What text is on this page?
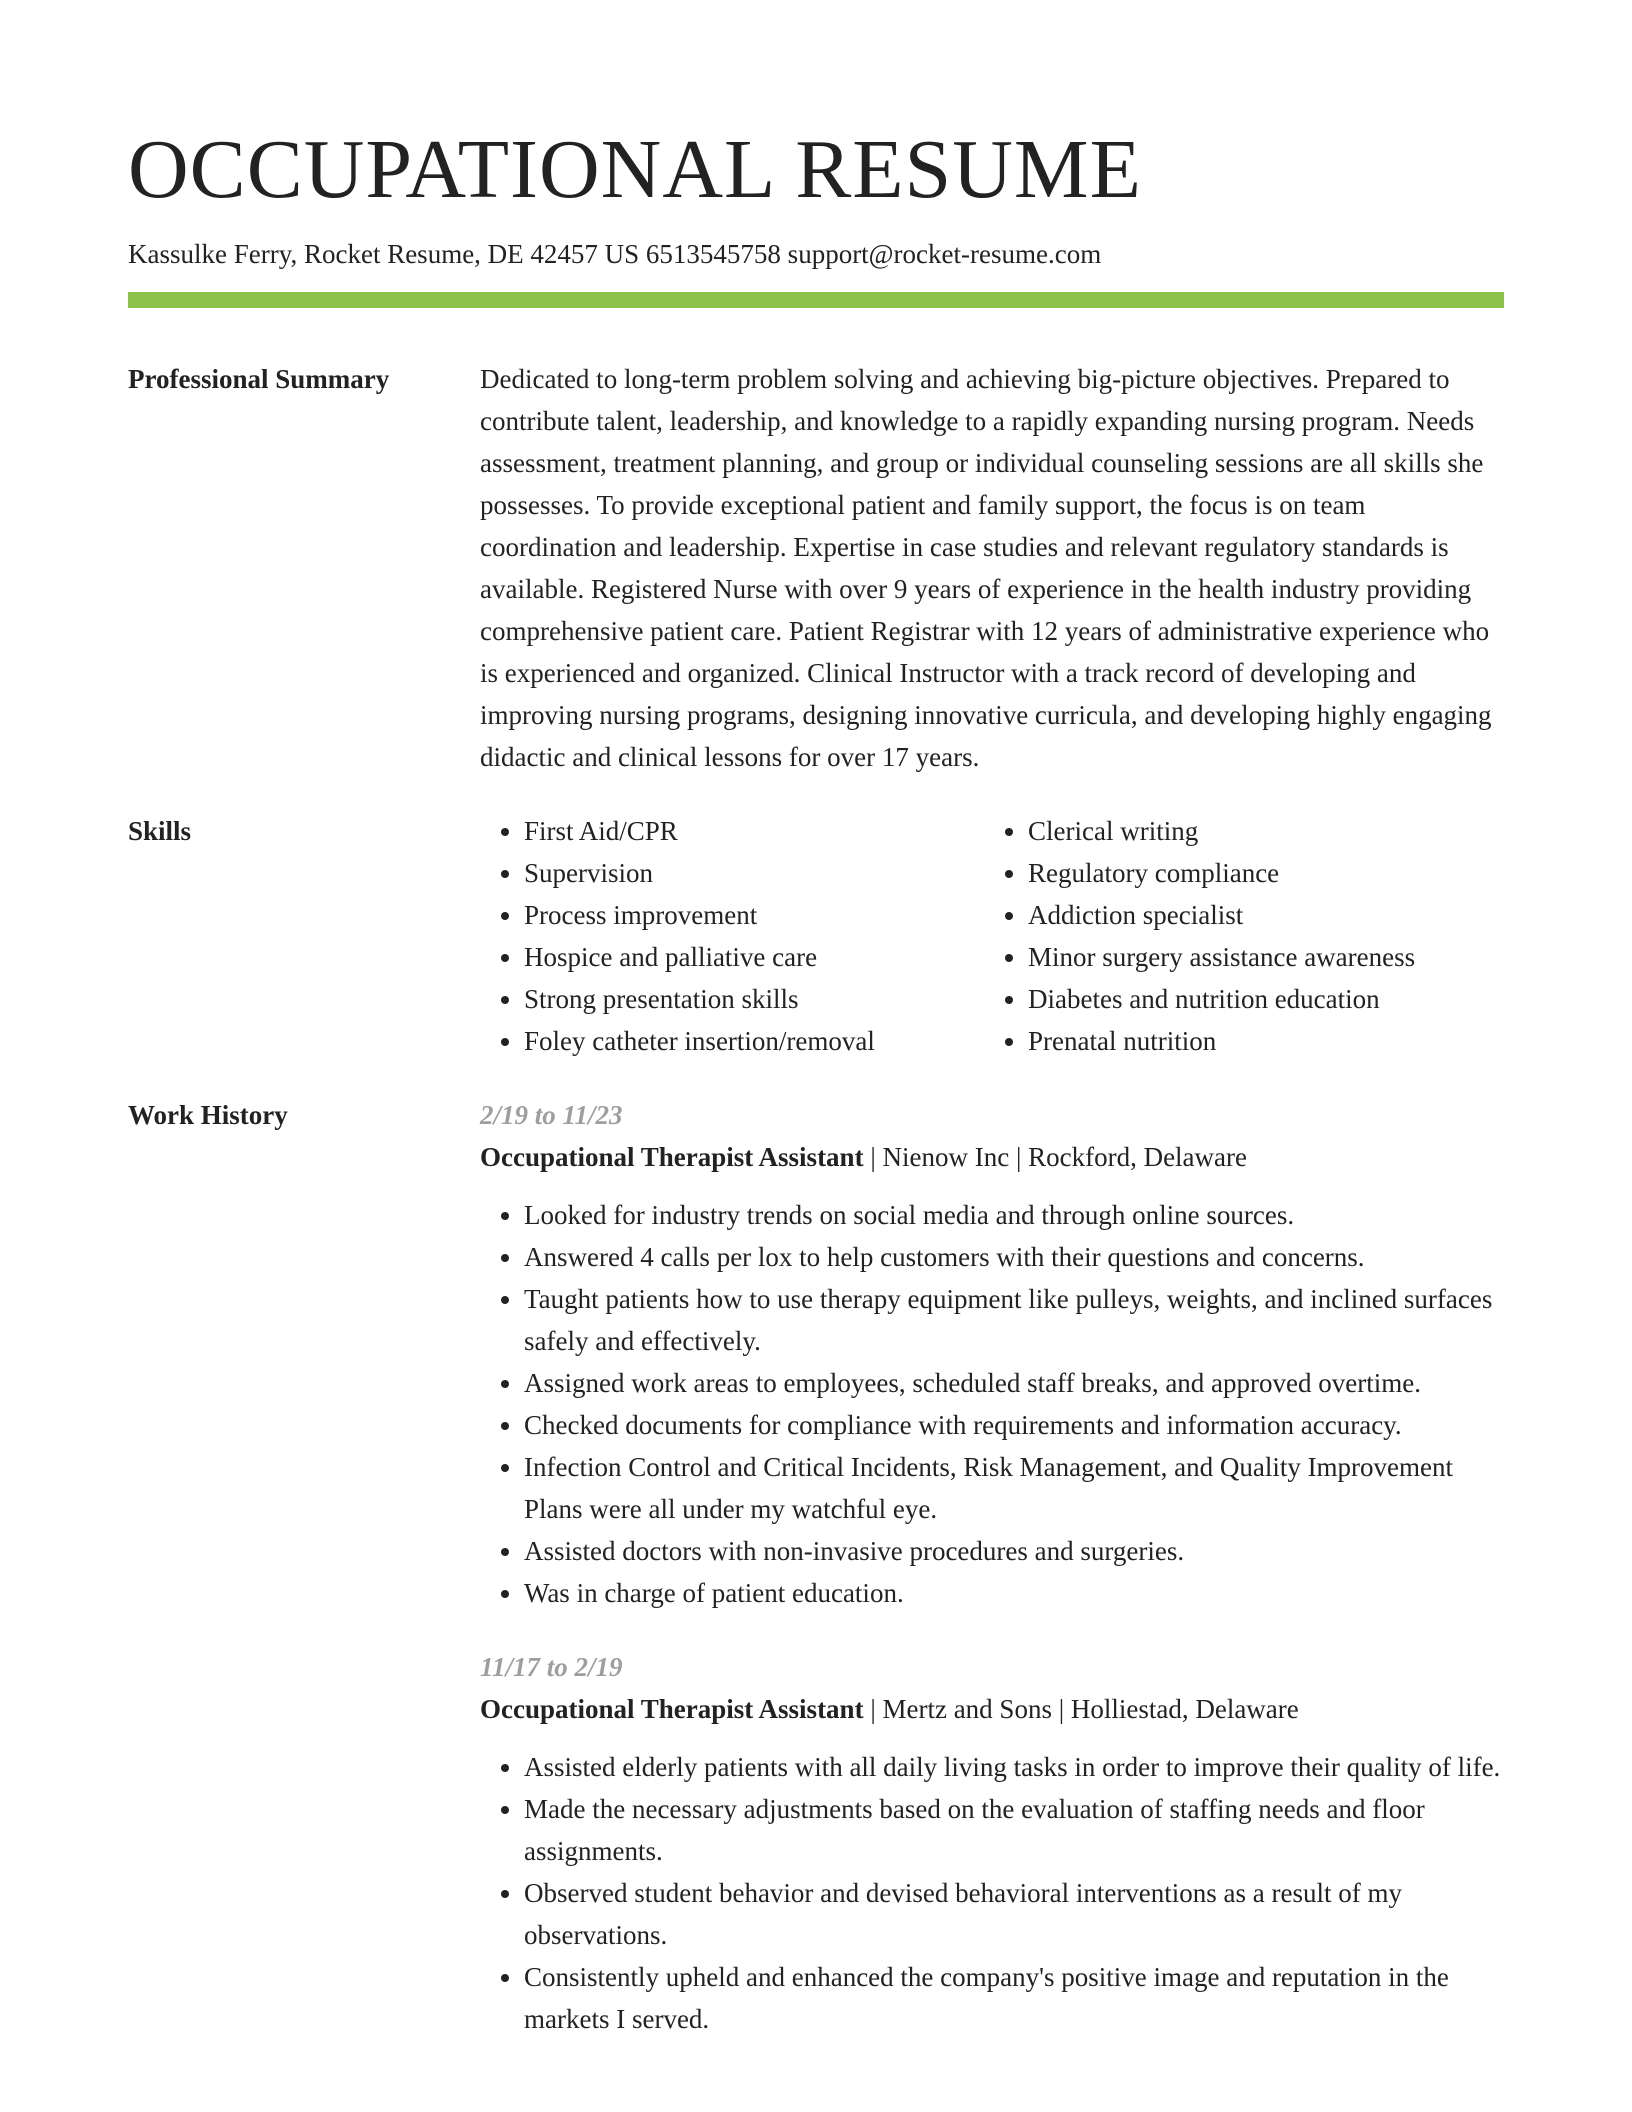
OCCUPATIONAL RESUME
Kassulke Ferry, Rocket Resume, DE 42457 US 6513545758 support@rocket-resume.com
Professional Summary	Dedicated to long-term problem solving and achieving big-picture objectives. Prepared to contribute talent, leadership, and knowledge to a rapidly expanding nursing program. Needs assessment, treatment planning, and group or individual counseling sessions are all skills she possesses. To provide exceptional patient and family support, the focus is on team coordination and leadership. Expertise in case studies and relevant regulatory standards is available. Registered Nurse with over 9 years of experience in the health industry providing comprehensive patient care. Patient Registrar with 12 years of administrative experience who is experienced and organized. Clinical Instructor with a track record of developing and improving nursing programs, designing innovative curricula, and developing highly engaging didactic and clinical lessons for over 17 years.

Skills
•	First Aid/CPR
• Supervision
• Process improvement
• Hospice and palliative care
• Strong presentation skills
• Foley catheter insertion/removal
• Clerical writing
• Regulatory compliance
• Addiction specialist
• Minor surgery assistance awareness
• Diabetes and nutrition education
• Prenatal nutrition
Work History	2/19 to 11/23
Occupational Therapist Assistant | Nienow Inc | Rockford, Delaware
• Looked for industry trends on social media and through online sources.
• Answered 4 calls per lox to help customers with their questions and concerns.
• Taught patients how to use therapy equipment like pulleys, weights, and inclined surfaces safely and effectively.
• Assigned work areas to employees, scheduled staff breaks, and approved overtime.
• Checked documents for compliance with requirements and information accuracy.
• Infection Control and Critical Incidents, Risk Management, and Quality Improvement Plans were all under my watchful eye.
• Assisted doctors with non-invasive procedures and surgeries.
• Was in charge of patient education.
11/17 to 2/19
Occupational Therapist Assistant | Mertz and Sons | Holliestad, Delaware
• Assisted elderly patients with all daily living tasks in order to improve their quality of life.
• Made the necessary adjustments based on the evaluation of staffing needs and floor assignments.
• Observed student behavior and devised behavioral interventions as a result of my observations.
• Consistently upheld and enhanced the company's positive image and reputation in the markets I served.
